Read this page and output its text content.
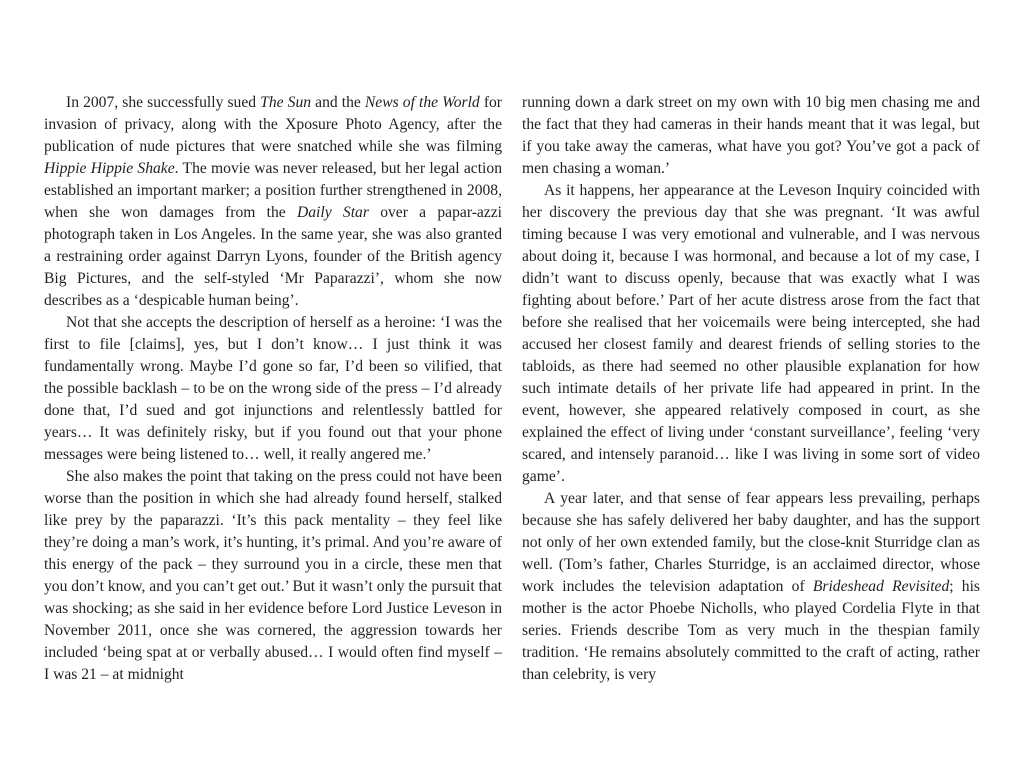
In 2007, she successfully sued The Sun and the News of the World for invasion of privacy, along with the Xposure Photo Agency, after the publication of nude pictures that were snatched while she was filming Hippie Hippie Shake. The movie was never released, but her legal action established an important marker; a position further strengthened in 2008, when she won damages from the Daily Star over a papar-azzi photograph taken in Los Angeles. In the same year, she was also granted a restraining order against Darryn Lyons, founder of the British agency Big Pictures, and the self-styled ‘Mr Paparazzi’, whom she now describes as a ‘despicable human being’.

Not that she accepts the description of herself as a heroine: ‘I was the first to file [claims], yes, but I don’t know… I just think it was fundamentally wrong. Maybe I’d gone so far, I’d been so vilified, that the possible backlash – to be on the wrong side of the press – I’d already done that, I’d sued and got injunctions and relentlessly battled for years… It was definitely risky, but if you found out that your phone messages were being listened to… well, it really angered me.’

She also makes the point that taking on the press could not have been worse than the position in which she had already found herself, stalked like prey by the paparazzi. ‘It’s this pack mentality – they feel like they’re doing a man’s work, it’s hunting, it’s primal. And you’re aware of this energy of the pack – they surround you in a circle, these men that you don’t know, and you can’t get out.’ But it wasn’t only the pursuit that was shocking; as she said in her evidence before Lord Justice Leveson in November 2011, once she was cornered, the aggression towards her included ‘being spat at or verbally abused… I would often find myself – I was 21 – at midnight

running down a dark street on my own with 10 big men chasing me and the fact that they had cameras in their hands meant that it was legal, but if you take away the cameras, what have you got? You’ve got a pack of men chasing a woman.’

As it happens, her appearance at the Leveson Inquiry coincided with her discovery the previous day that she was pregnant. ‘It was awful timing because I was very emotional and vulnerable, and I was nervous about doing it, because I was hormonal, and because a lot of my case, I didn’t want to discuss openly, because that was exactly what I was fighting about before.’ Part of her acute distress arose from the fact that before she realised that her voicemails were being intercepted, she had accused her closest family and dearest friends of selling stories to the tabloids, as there had seemed no other plausible explanation for how such intimate details of her private life had appeared in print. In the event, however, she appeared relatively composed in court, as she explained the effect of living under ‘constant surveillance’, feeling ‘very scared, and intensely paranoid… like I was living in some sort of video game’.

A year later, and that sense of fear appears less prevailing, perhaps because she has safely delivered her baby daughter, and has the support not only of her own extended family, but the close-knit Sturridge clan as well. (Tom’s father, Charles Sturridge, is an acclaimed director, whose work includes the television adaptation of Brideshead Revisited; his mother is the actor Phoebe Nicholls, who played Cordelia Flyte in that series. Friends describe Tom as very much in the thespian family tradition. ‘He remains absolutely committed to the craft of acting, rather than celebrity, is very
